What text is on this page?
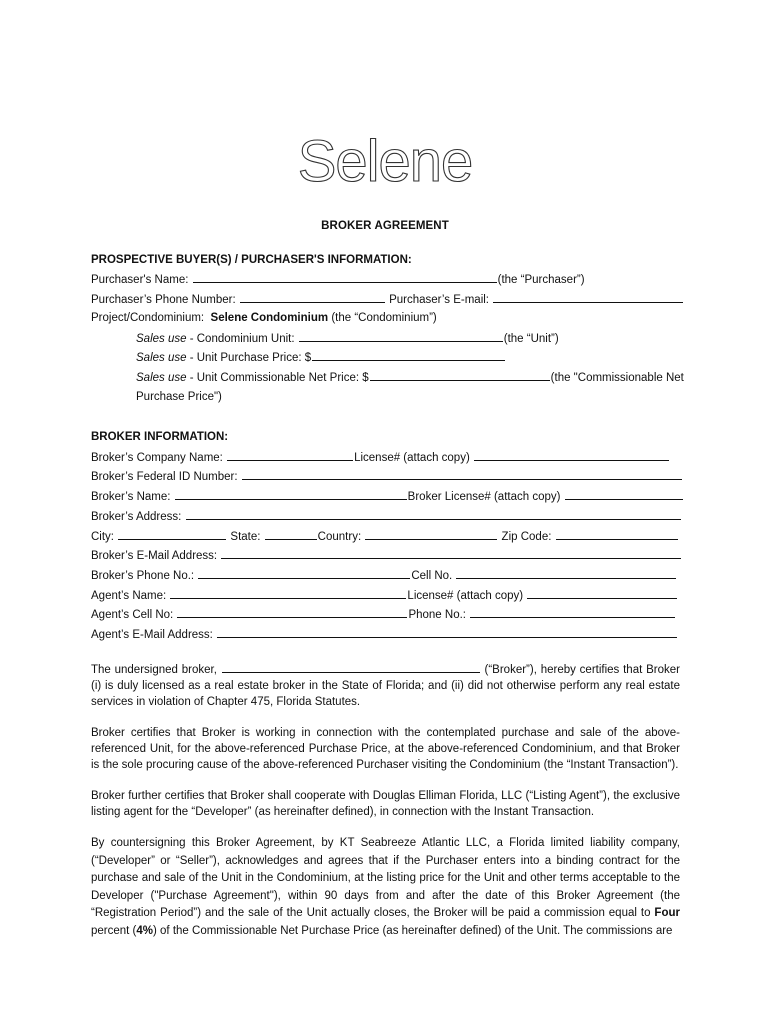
Selene
BROKER AGREEMENT
PROSPECTIVE BUYER(S) / PURCHASER'S INFORMATION:
Purchaser's Name:	(the “Purchaser”)
Purchaser’s Phone Number:	Purchaser’s E-mail:
Project/Condominium: Selene Condominium (the “Condominium”)
Sales use - Condominium Unit:	(the “Unit”)
Sales use - Unit Purchase Price: $
Sales use - Unit Commissionable Net Price: $	(the "Commissionable Net
Purchase Price")
BROKER INFORMATION:
Broker’s Company Name:	License# (attach copy)
Broker’s Federal ID Number:
Broker’s Name:	Broker License# (attach copy)
Broker’s Address:
City:	State:	Country:	Zip Code:
Broker’s E-Mail Address:
Broker’s Phone No.:	Cell No.
Agent’s Name:	License# (attach copy)
Agent’s Cell No:	Phone No.:
Agent’s E-Mail Address:
The undersigned broker,	(“Broker”), hereby certifies that Broker (i) is duly licensed as a real estate broker in the State of Florida; and (ii) did not otherwise perform any real estate services in violation of Chapter 475, Florida Statutes.
Broker certifies that Broker is working in connection with the contemplated purchase and sale of the above-referenced Unit, for the above-referenced Purchase Price, at the above-referenced Condominium, and that Broker is the sole procuring cause of the above-referenced Purchaser visiting the Condominium (the “Instant Transaction”).
Broker further certifies that Broker shall cooperate with Douglas Elliman Florida, LLC (“Listing Agent”), the exclusive listing agent for the “Developer” (as hereinafter defined), in connection with the Instant Transaction.
By countersigning this Broker Agreement, by KT Seabreeze Atlantic LLC, a Florida limited liability company, (“Developer” or “Seller”), acknowledges and agrees that if the Purchaser enters into a binding contract for the purchase and sale of the Unit in the Condominium, at the listing price for the Unit and other terms acceptable to the Developer ("Purchase Agreement"), within 90 days from and after the date of this Broker Agreement (the “Registration Period”) and the sale of the Unit actually closes, the Broker will be paid a commission equal to Four percent (4%) of the Commissionable Net Purchase Price (as hereinafter defined) of the Unit. The commissions are
